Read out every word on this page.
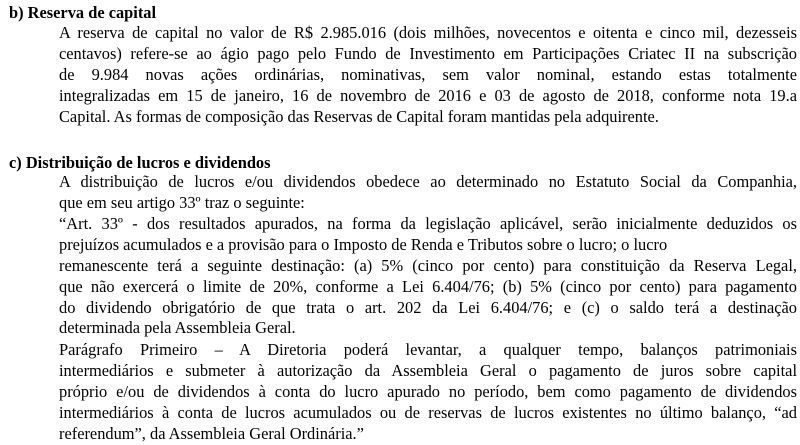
b) Reserva de capital
A reserva de capital no valor de R$ 2.985.016 (dois milhões, novecentos e oitenta e cinco mil, dezesseis
centavos) refere-se ao ágio pago pelo Fundo de Investimento em Participações Criatec II na subscrição
de 9.984 novas ações ordinárias, nominativas, sem valor nominal, estando estas totalmente
integralizadas em 15 de janeiro, 16 de novembro de 2016 e 03 de agosto de 2018, conforme nota 19.a
Capital. As formas de composição das Reservas de Capital foram mantidas pela adquirente.
c) Distribuição de lucros e dividendos
A distribuição de lucros e/ou dividendos obedece ao determinado no Estatuto Social da Companhia,
que em seu artigo 33º traz o seguinte:
“Art. 33º - dos resultados apurados, na forma da legislação aplicável, serão inicialmente deduzidos os
prejuízos acumulados e a provisão para o Imposto de Renda e Tributos sobre o lucro; o lucro
remanescente terá a seguinte destinação: (a) 5% (cinco por cento) para constituição da Reserva Legal,
que não exercerá o limite de 20%, conforme a Lei 6.404/76; (b) 5% (cinco por cento) para pagamento
do dividendo obrigatório de que trata o art. 202 da Lei 6.404/76; e (c) o saldo terá a destinação
determinada pela Assembleia Geral.
Parágrafo Primeiro – A Diretoria poderá levantar, a qualquer tempo, balanços patrimoniais
intermediários e submeter à autorização da Assembleia Geral o pagamento de juros sobre capital
próprio e/ou de dividendos à conta do lucro apurado no período, bem como pagamento de dividendos
intermediários à conta de lucros acumulados ou de reservas de lucros existentes no último balanço, “ad
referendum”, da Assembleia Geral Ordinária.”
